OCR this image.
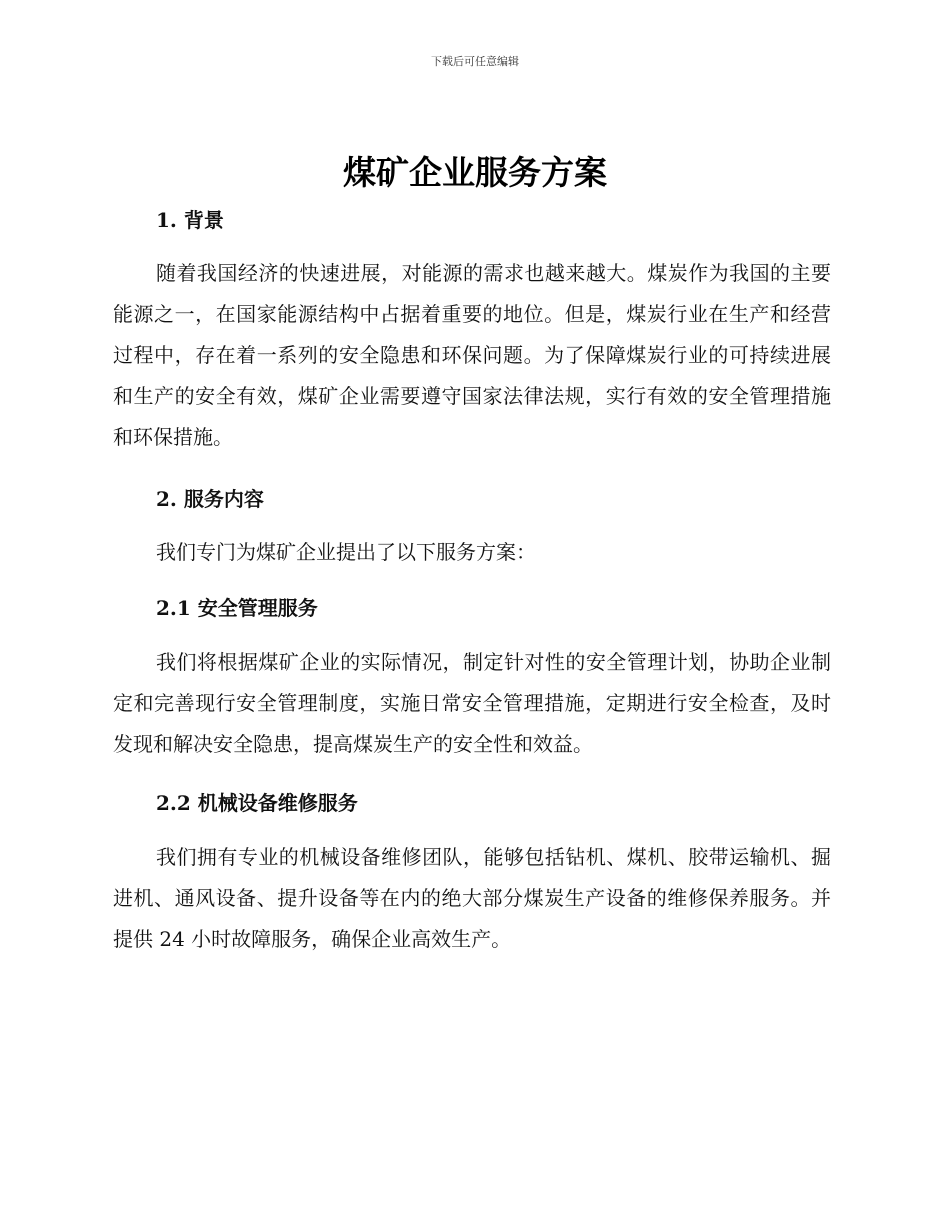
下载后可任意编辑
煤矿企业服务方案
1. 背景

随着我国经济的快速进展，对能源的需求也越来越大。煤炭作为我国的主要能源之一，在国家能源结构中占据着重要的地位。但是，煤炭行业在生产和经营过程中，存在着一系列的安全隐患和环保问题。为了保障煤炭行业的可持续进展和生产的安全有效，煤矿企业需要遵守国家法律法规，实行有效的安全管理措施和环保措施。

2. 服务内容

我们专门为煤矿企业提出了以下服务方案：

2.1 安全管理服务

我们将根据煤矿企业的实际情况，制定针对性的安全管理计划，协助企业制定和完善现行安全管理制度，实施日常安全管理措施，定期进行安全检查，及时发现和解决安全隐患，提高煤炭生产的安全性和效益。

2.2 机械设备维修服务

我们拥有专业的机械设备维修团队，能够包括钻机、煤机、胶带运输机、掘进机、通风设备、提升设备等在内的绝大部分煤炭生产设备的维修保养服务。并提供 24 小时故障服务，确保企业高效生产。
